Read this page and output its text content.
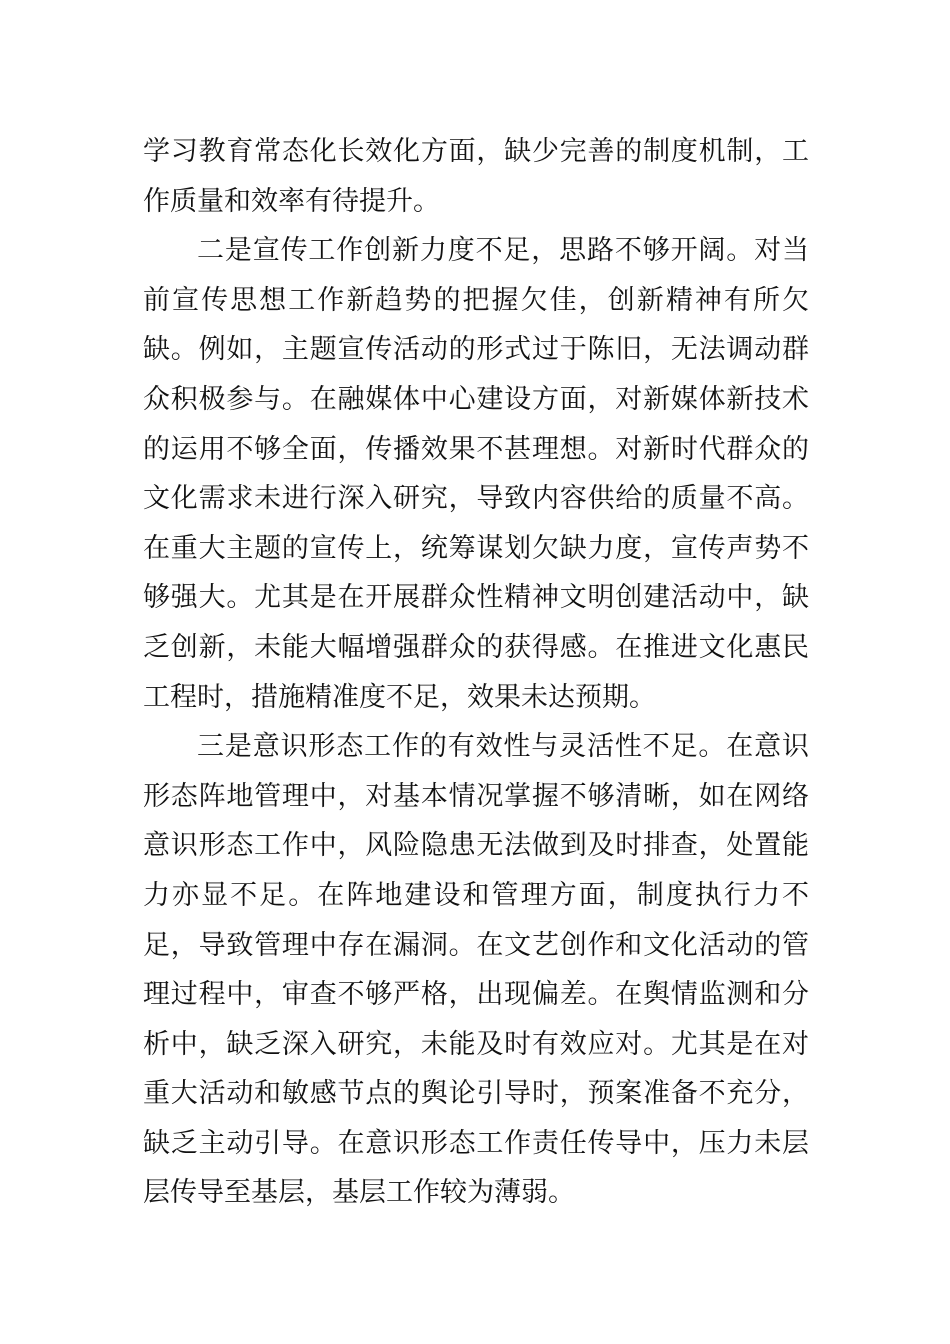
学习教育常态化长效化方面，缺少完善的制度机制，工作质量和效率有待提升。

二是宣传工作创新力度不足，思路不够开阔。对当前宣传思想工作新趋势的把握欠佳，创新精神有所欠缺。例如，主题宣传活动的形式过于陈旧，无法调动群众积极参与。在融媒体中心建设方面，对新媒体新技术的运用不够全面，传播效果不甚理想。对新时代群众的文化需求未进行深入研究，导致内容供给的质量不高。在重大主题的宣传上，统筹谋划欠缺力度，宣传声势不够强大。尤其是在开展群众性精神文明创建活动中，缺乏创新，未能大幅增强群众的获得感。在推进文化惠民工程时，措施精准度不足，效果未达预期。

三是意识形态工作的有效性与灵活性不足。在意识形态阵地管理中，对基本情况掌握不够清晰，如在网络意识形态工作中，风险隐患无法做到及时排查，处置能力亦显不足。在阵地建设和管理方面，制度执行力不足，导致管理中存在漏洞。在文艺创作和文化活动的管理过程中，审查不够严格，出现偏差。在舆情监测和分析中，缺乏深入研究，未能及时有效应对。尤其是在对重大活动和敏感节点的舆论引导时，预案准备不充分，缺乏主动引导。在意识形态工作责任传导中，压力未层层传导至基层，基层工作较为薄弱。
